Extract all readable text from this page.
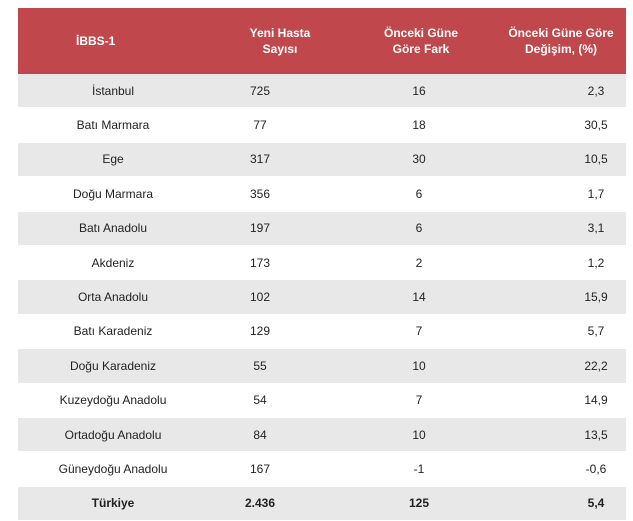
İBBS-1	Yeni Hasta Sayısı	Önceki Güne Göre Fark	Önceki Güne Göre Değişim, (%)
İstanbul	725	16	2,3
Batı Marmara	77	18	30,5
Ege	317	30	10,5
Doğu Marmara	356	6	1,7
Batı Anadolu	197	6	3,1
Akdeniz	173	2	1,2
Orta Anadolu	102	14	15,9
Batı Karadeniz	129	7	5,7
Doğu Karadeniz	55	10	22,2
Kuzeydoğu Anadolu	54	7	14,9
Ortadoğu Anadolu	84	10	13,5
Güneydoğu Anadolu	167	-1	-0,6
Türkiye	2.436	125	5,4
